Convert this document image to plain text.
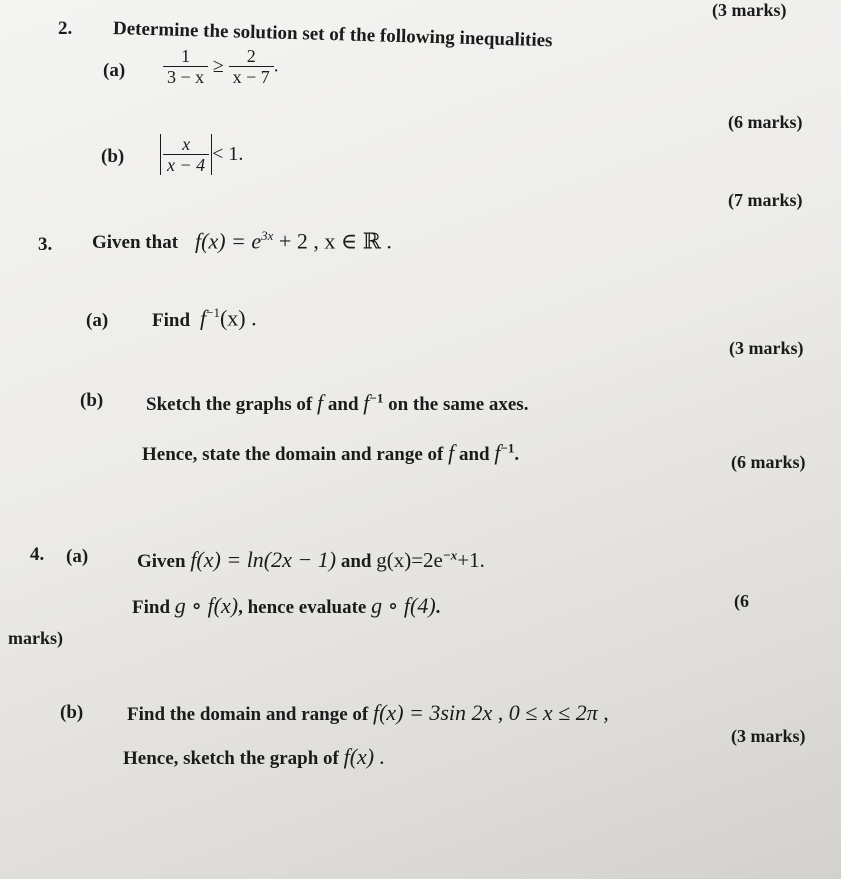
(3 marks)
2. Determine the solution set of the following inequalities
$(a) \frac{1}{3 - x} \ge \frac{2}{x - 7}$ .
(6 marks)
$(b) \frac{x}{x - 4} < 1$.
(7 marks)
3. Given that $f(x) = e^{3x} + 2$ , x ∈ ℝ .
(a) Find $f^{-1}(x)$ .
(3 marks)
(b) Sketch the graphs of f and $f^{-1}$ on the same axes.
Hence, state the domain and range of f and $f^{-1}$.	(6 marks)
4. (a)	Given f(x) = ln(2x − 1) and $g(x)=2e^{-x}+1$.
Find g ∘ f(x), hence evaluate g ∘ f(4).	(6
marks)
(b) Find the domain and range of f(x) = 3sin 2x , 0 ≤ x ≤ 2π ,
Hence, sketch the graph of f(x) .
(3 marks)
